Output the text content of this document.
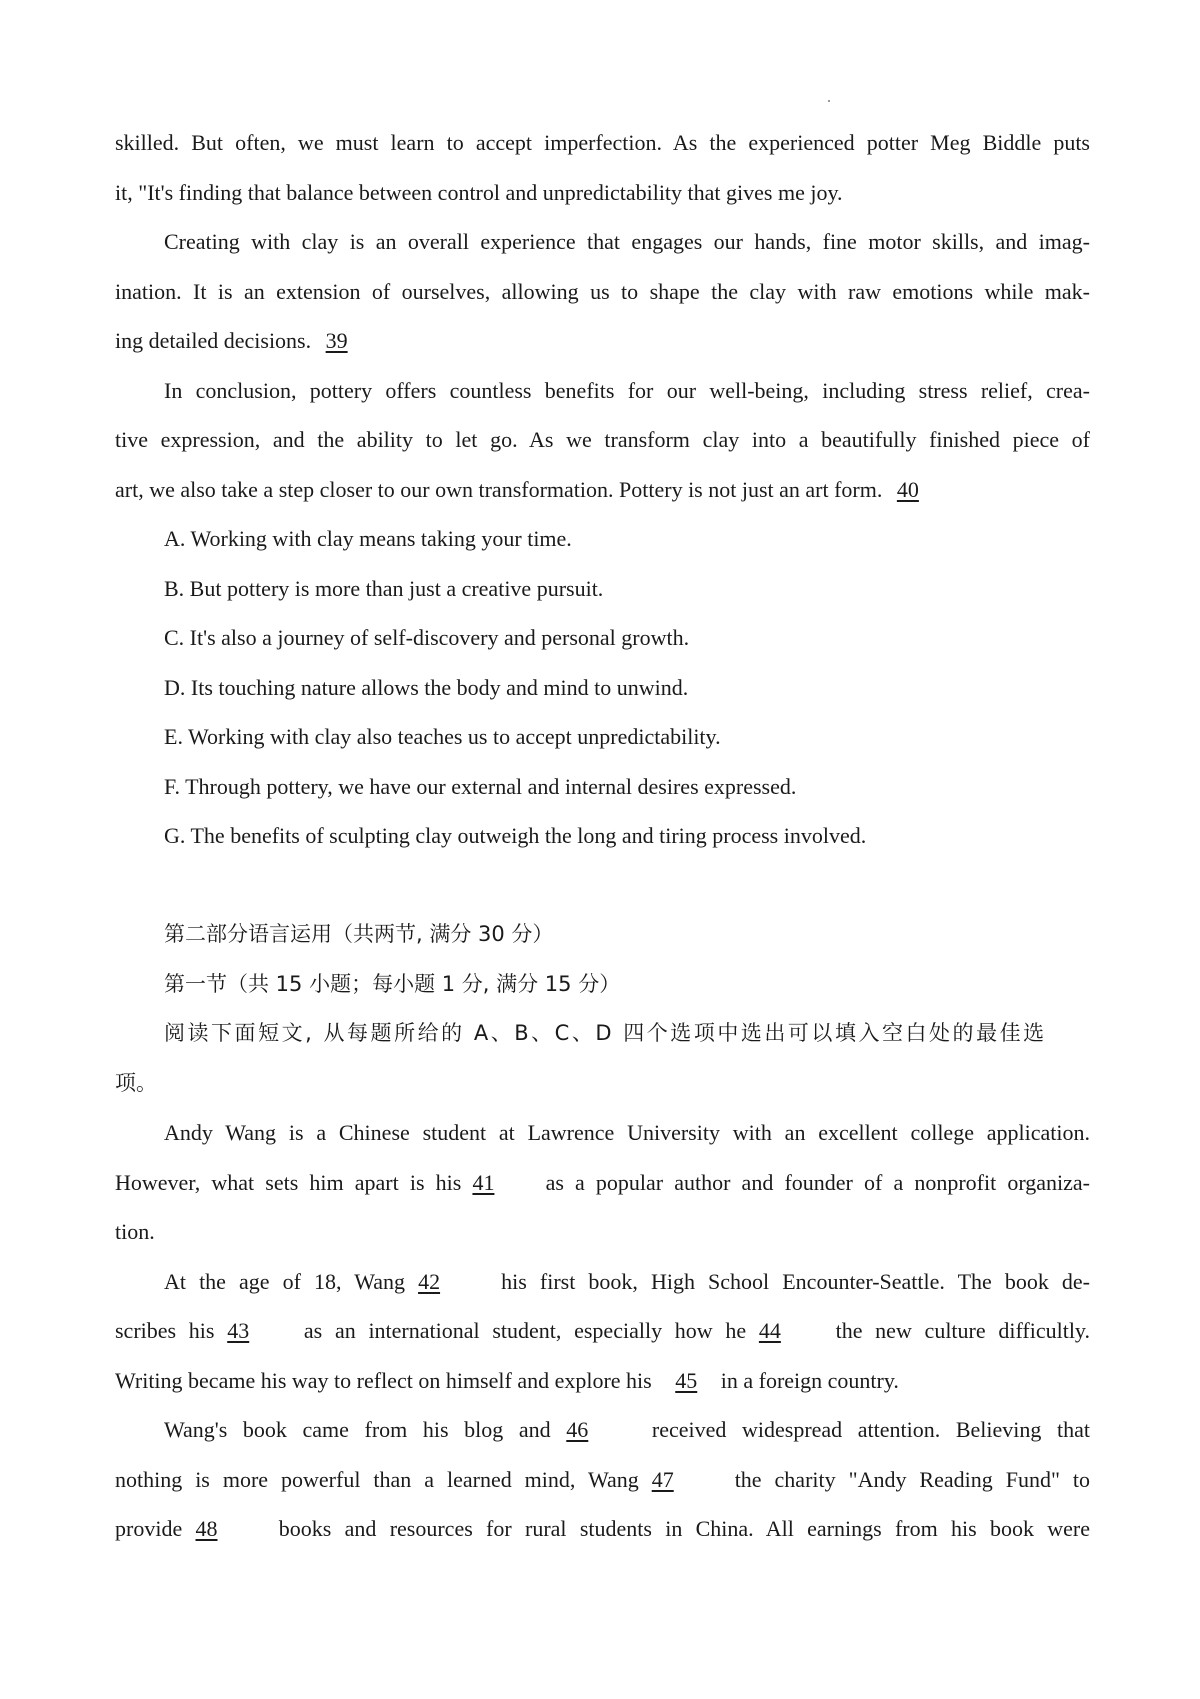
skilled. But often, we must learn to accept imperfection. As the experienced potter Meg Biddle puts
it, "It's finding that balance between control and unpredictability that gives me joy.
Creating with clay is an overall experience that engages our hands, fine motor skills, and imag-
ination. It is an extension of ourselves, allowing us to shape the clay with raw emotions while mak-
ing detailed decisions. 39
In conclusion, pottery offers countless benefits for our well-being, including stress relief, crea-
tive expression, and the ability to let go. As we transform clay into a beautifully finished piece of
art, we also take a step closer to our own transformation. Pottery is not just an art form. 40
A. Working with clay means taking your time.
B. But pottery is more than just a creative pursuit.
C. It's also a journey of self-discovery and personal growth.
D. Its touching nature allows the body and mind to unwind.
E. Working with clay also teaches us to accept unpredictability.
F. Through pottery, we have our external and internal desires expressed.
G. The benefits of sculpting clay outweigh the long and tiring process involved.
第二部分语言运用（共两节, 满分 30 分）
第一节（共 15 小题；每小题 1 分, 满分 15 分）
阅读下面短文, 从每题所给的 A、B、C、D 四个选项中选出可以填入空白处的最佳选
项。
Andy Wang is a Chinese student at Lawrence University with an excellent college application.
However, what sets him apart is his 41 as a popular author and founder of a nonprofit organiza-
tion.
At the age of 18, Wang 42	his first book, High School Encounter-Seattle. The book de-
scribes his 43 as an international student, especially how he 44 the new culture difficultly.
Writing became his way to reflect on himself and explore his 45 in a foreign country.
Wang's book came from his blog and 46	received widespread attention. Believing that
nothing is more powerful than a learned mind, Wang 47	the charity "Andy Reading Fund" to
provide 48	books and resources for rural students in China. All earnings from his book were
